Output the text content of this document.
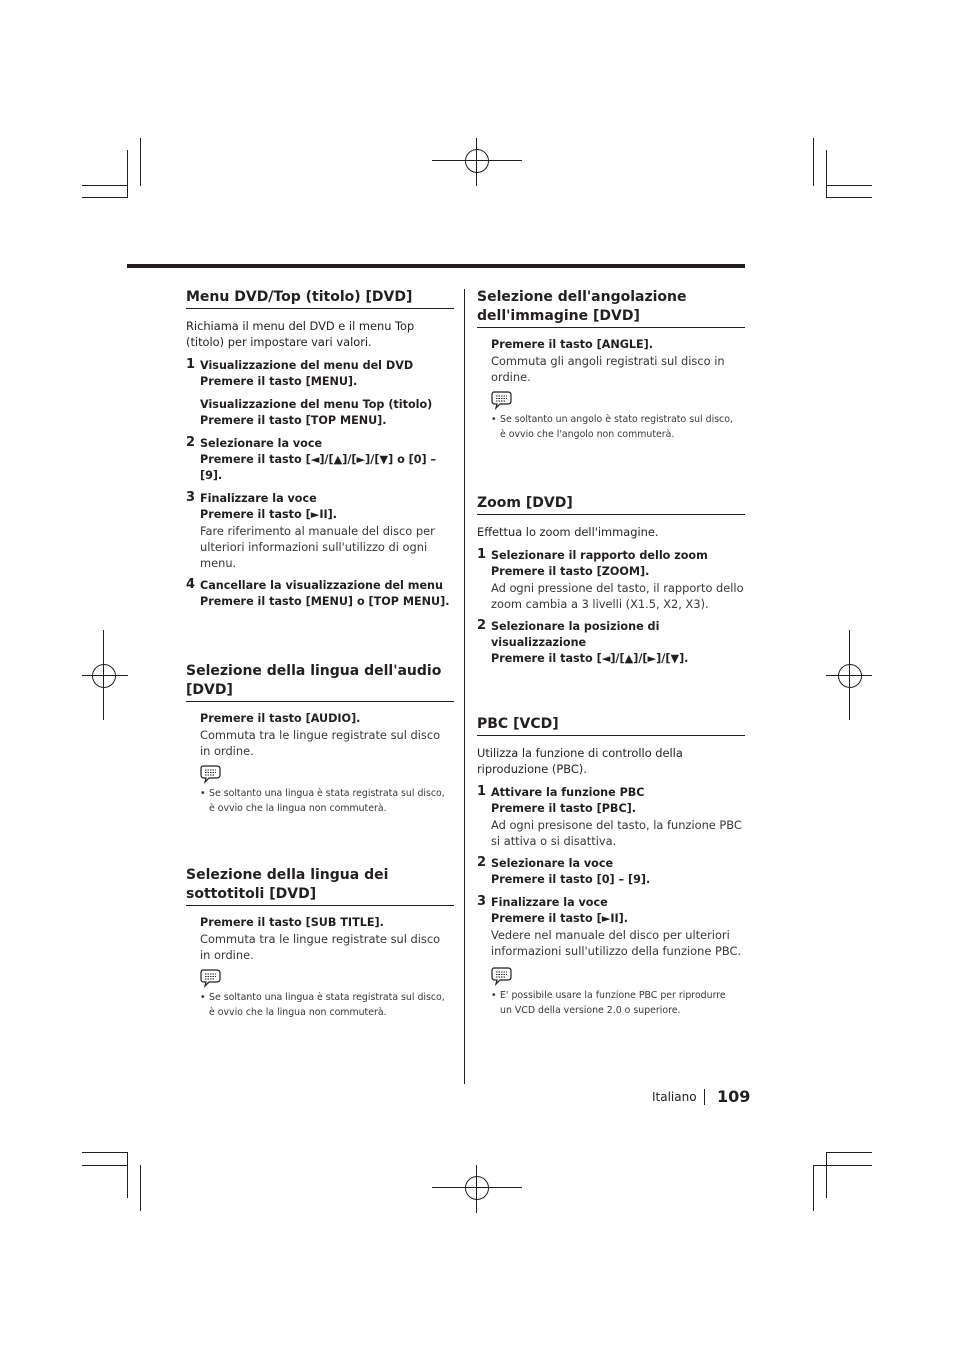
Menu DVD/Top (titolo) [DVD]
Richiama il menu del DVD e il menu Top (titolo) per impostare vari valori.
1 Visualizzazione del menu del DVD
Premere il tasto [MENU].
Visualizzazione del menu Top (titolo)
Premere il tasto [TOP MENU].
2 Selezionare la voce
Premere il tasto [◄]/[▲]/[►]/[▼] o [0] – [9].
3 Finalizzare la voce
Premere il tasto [►II].
Fare riferimento al manuale del disco per ulteriori informazioni sull'utilizzo di ogni menu.
4 Cancellare la visualizzazione del menu
Premere il tasto [MENU] o [TOP MENU].
Selezione della lingua dell'audio [DVD]
Premere il tasto [AUDIO].
Commuta tra le lingue registrate sul disco in ordine.
• Se soltanto una lingua è stata registrata sul disco, è ovvio che la lingua non commuterà.
Selezione della lingua dei sottotitoli [DVD]
Premere il tasto [SUB TITLE].
Commuta tra le lingue registrate sul disco in ordine.
• Se soltanto una lingua è stata registrata sul disco, è ovvio che la lingua non commuterà.
Selezione dell'angolazione dell'immagine [DVD]
Premere il tasto [ANGLE].
Commuta gli angoli registrati sul disco in ordine.
• Se soltanto un angolo è stato registrato sul disco, è ovvio che l'angolo non commuterà.
Zoom [DVD]
Effettua lo zoom dell'immagine.
1 Selezionare il rapporto dello zoom
Premere il tasto [ZOOM].
Ad ogni pressione del tasto, il rapporto dello zoom cambia a 3 livelli (X1.5, X2, X3).
2 Selezionare la posizione di visualizzazione
Premere il tasto [◄]/[▲]/[►]/[▼].
PBC [VCD]
Utilizza la funzione di controllo della riproduzione (PBC).
1 Attivare la funzione PBC
Premere il tasto [PBC].
Ad ogni presisone del tasto, la funzione PBC si attiva o si disattiva.
2 Selezionare la voce
Premere il tasto [0] – [9].
3 Finalizzare la voce
Premere il tasto [►II].
Vedere nel manuale del disco per ulteriori informazioni sull'utilizzo della funzione PBC.
• E' possibile usare la funzione PBC per riprodurre un VCD della versione 2.0 o superiore.
Italiano 109
